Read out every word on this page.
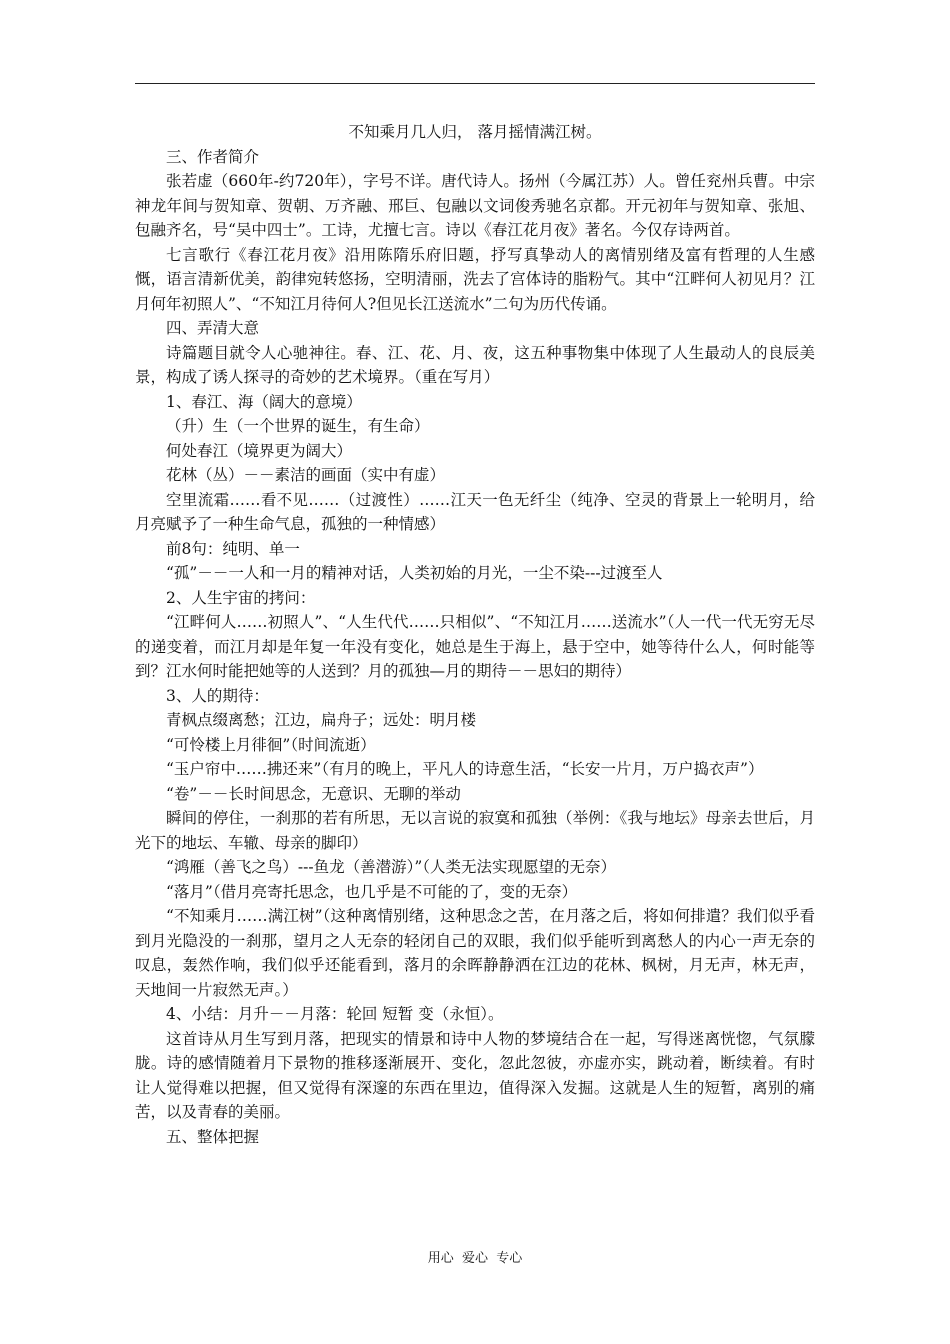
不知乘月几人归， 落月摇情满江树。

三、作者简介

张若虚（660年-约720年），字号不详。唐代诗人。扬州（今属江苏）人。曾任兖州兵曹。中宗神龙年间与贺知章、贺朝、万齐融、邢巨、包融以文词俊秀驰名京都。开元初年与贺知章、张旭、包融齐名，号“吴中四士”。工诗，尤擅七言。诗以《春江花月夜》著名。今仅存诗两首。

七言歌行《春江花月夜》沿用陈隋乐府旧题，抒写真挚动人的离情别绪及富有哲理的人生感慨，语言清新优美，韵律宛转悠扬，空明清丽，洗去了宫体诗的脂粉气。其中“江畔何人初见月？江月何年初照人”、“不知江月待何人?但见长江送流水”二句为历代传诵。

四、弄清大意

诗篇题目就令人心驰神往。春、江、花、月、夜，这五种事物集中体现了人生最动人的良辰美景，构成了诱人探寻的奇妙的艺术境界。（重在写月）

1、春江、海（阔大的意境）

（升）生（一个世界的诞生，有生命）

何处春江（境界更为阔大）

花林（丛）－－素洁的画面（实中有虚）

空里流霜……看不见……（过渡性）……江天一色无纤尘（纯净、空灵的背景上一轮明月，给月亮赋予了一种生命气息，孤独的一种情感）

前8句：纯明、单一

“孤”－－一人和一月的精神对话，人类初始的月光，一尘不染---过渡至人

2、人生宇宙的拷问：

“江畔何人……初照人”、“人生代代……只相似”、“不知江月……送流水”（人一代一代无穷无尽的递变着，而江月却是年复一年没有变化，她总是生于海上，悬于空中，她等待什么人，何时能等到？江水何时能把她等的人送到？月的孤独—月的期待－－思妇的期待）

3、人的期待：

青枫点缀离愁；江边，扁舟子；远处：明月楼

“可怜楼上月徘徊”（时间流逝）

“玉户帘中……拂还来”（有月的晚上，平凡人的诗意生活，“长安一片月，万户捣衣声”）

“卷”－－长时间思念，无意识、无聊的举动

瞬间的停住，一刹那的若有所思，无以言说的寂寞和孤独（举例：《我与地坛》母亲去世后，月光下的地坛、车辙、母亲的脚印）

“鸿雁（善飞之鸟）---鱼龙（善潜游）”（人类无法实现愿望的无奈）

“落月”（借月亮寄托思念，也几乎是不可能的了，变的无奈）

“不知乘月……满江树”（这种离情别绪，这种思念之苦，在月落之后，将如何排遣？我们似乎看到月光隐没的一刹那，望月之人无奈的轻闭自己的双眼，我们似乎能听到离愁人的内心一声无奈的叹息，轰然作响，我们似乎还能看到，落月的余晖静静洒在江边的花林、枫树，月无声，林无声，天地间一片寂然无声。）

4、小结：月升－－月落：轮回 短暂 变（永恒）。

这首诗从月生写到月落，把现实的情景和诗中人物的梦境结合在一起，写得迷离恍惚，气氛朦胧。诗的感情随着月下景物的推移逐渐展开、变化，忽此忽彼，亦虚亦实，跳动着，断续着。有时让人觉得难以把握，但又觉得有深邃的东西在里边，值得深入发掘。这就是人生的短暂，离别的痛苦，以及青春的美丽。

五、整体把握

用心  爱心  专心
